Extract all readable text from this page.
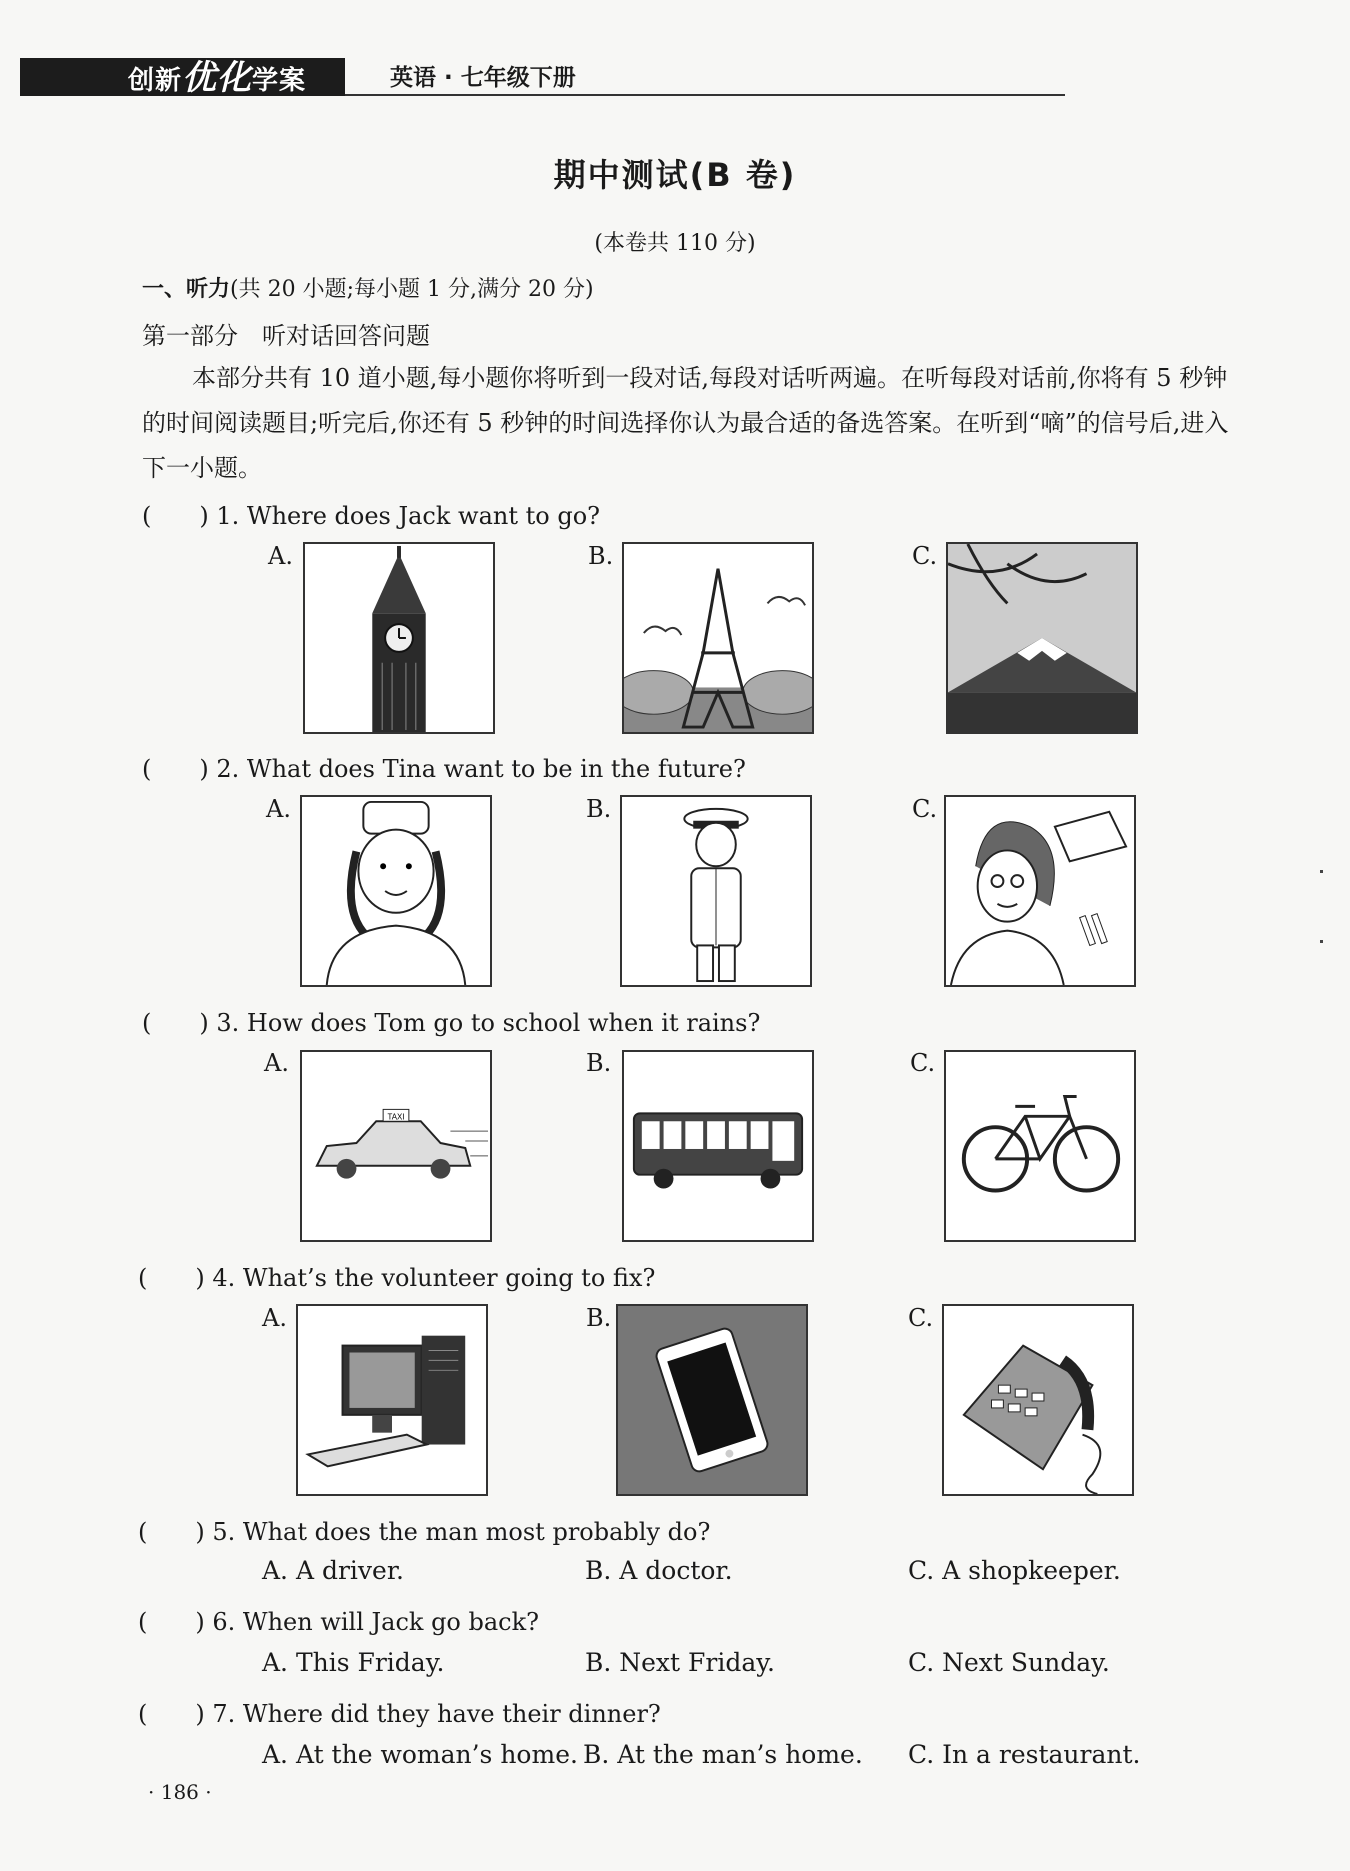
创新优化学案	英语 · 七年级下册
期中测试(B 卷)
(本卷共 110 分)
一、听力(共 20 小题;每小题 1 分,满分 20 分)
第一部分　听对话回答问题
本部分共有 10 道小题,每小题你将听到一段对话,每段对话听两遍。在听每段对话前,你将有 5 秒钟的时间阅读题目;听完后,你还有 5 秒钟的时间选择你认为最合适的备选答案。在听到“嘀”的信号后,进入下一小题。
(　　) 1. Where does Jack want to go?
A.	B.	C.
(　　) 2. What does Tina want to be in the future?
A.	B.	C.
(　　) 3. How does Tom go to school when it rains?
A.	B.	C.
TAXI
(　　) 4. What’s the volunteer going to fix?
A.	B.	C.
(　　) 5. What does the man most probably do?
A. A driver.	B. A doctor.	C. A shopkeeper.
(　　) 6. When will Jack go back?
A. This Friday.	B. Next Friday.	C. Next Sunday.
(　　) 7. Where did they have their dinner?
A. At the woman’s home. B. At the man’s home. C. In a restaurant.
· 186 ·
